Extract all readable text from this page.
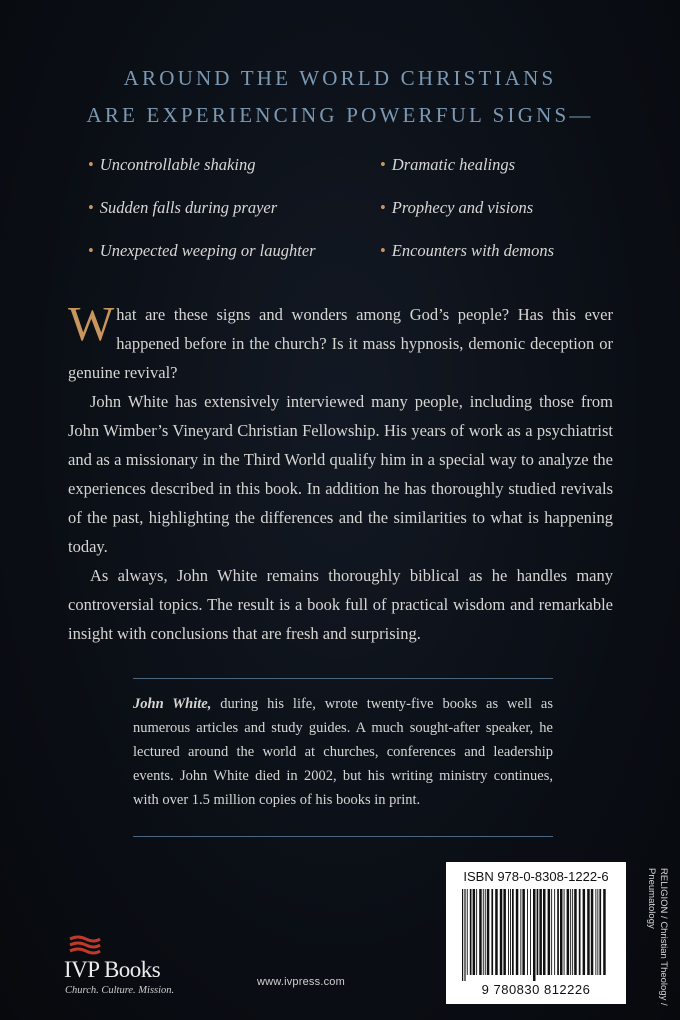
AROUND THE WORLD CHRISTIANS
ARE EXPERIENCING POWERFUL SIGNS—
• Uncontrollable shaking	• Dramatic healings
• Sudden falls during prayer	• Prophecy and visions
• Unexpected weeping or laughter	• Encounters with demons

What are these signs and wonders among God’s people? Has this ever happened before in the church? Is it mass hypnosis, demonic deception or genuine revival?

John White has extensively interviewed many people, including those from John Wimber’s Vineyard Christian Fellowship. His years of work as a psychiatrist and as a missionary in the Third World qualify him in a special way to analyze the experiences described in this book. In addition he has thoroughly studied revivals of the past, highlighting the differences and the similarities to what is happening today.

As always, John White remains thoroughly biblical as he handles many controversial topics. The result is a book full of practical wisdom and remarkable insight with conclusions that are fresh and surprising.

John White, during his life, wrote twenty-five books as well as numerous articles and study guides. A much sought-after speaker, he lectured around the world at churches, conferences and leadership events. John White died in 2002, but his writing ministry continues, with over 1.5 million copies of his books in print.

IVP Books
Church. Culture. Mission.
www.ivpress.com
ISBN 978-0-8308-1222-6
9 780830 812226	RELIGION / Christian Theology / Pneumatology
